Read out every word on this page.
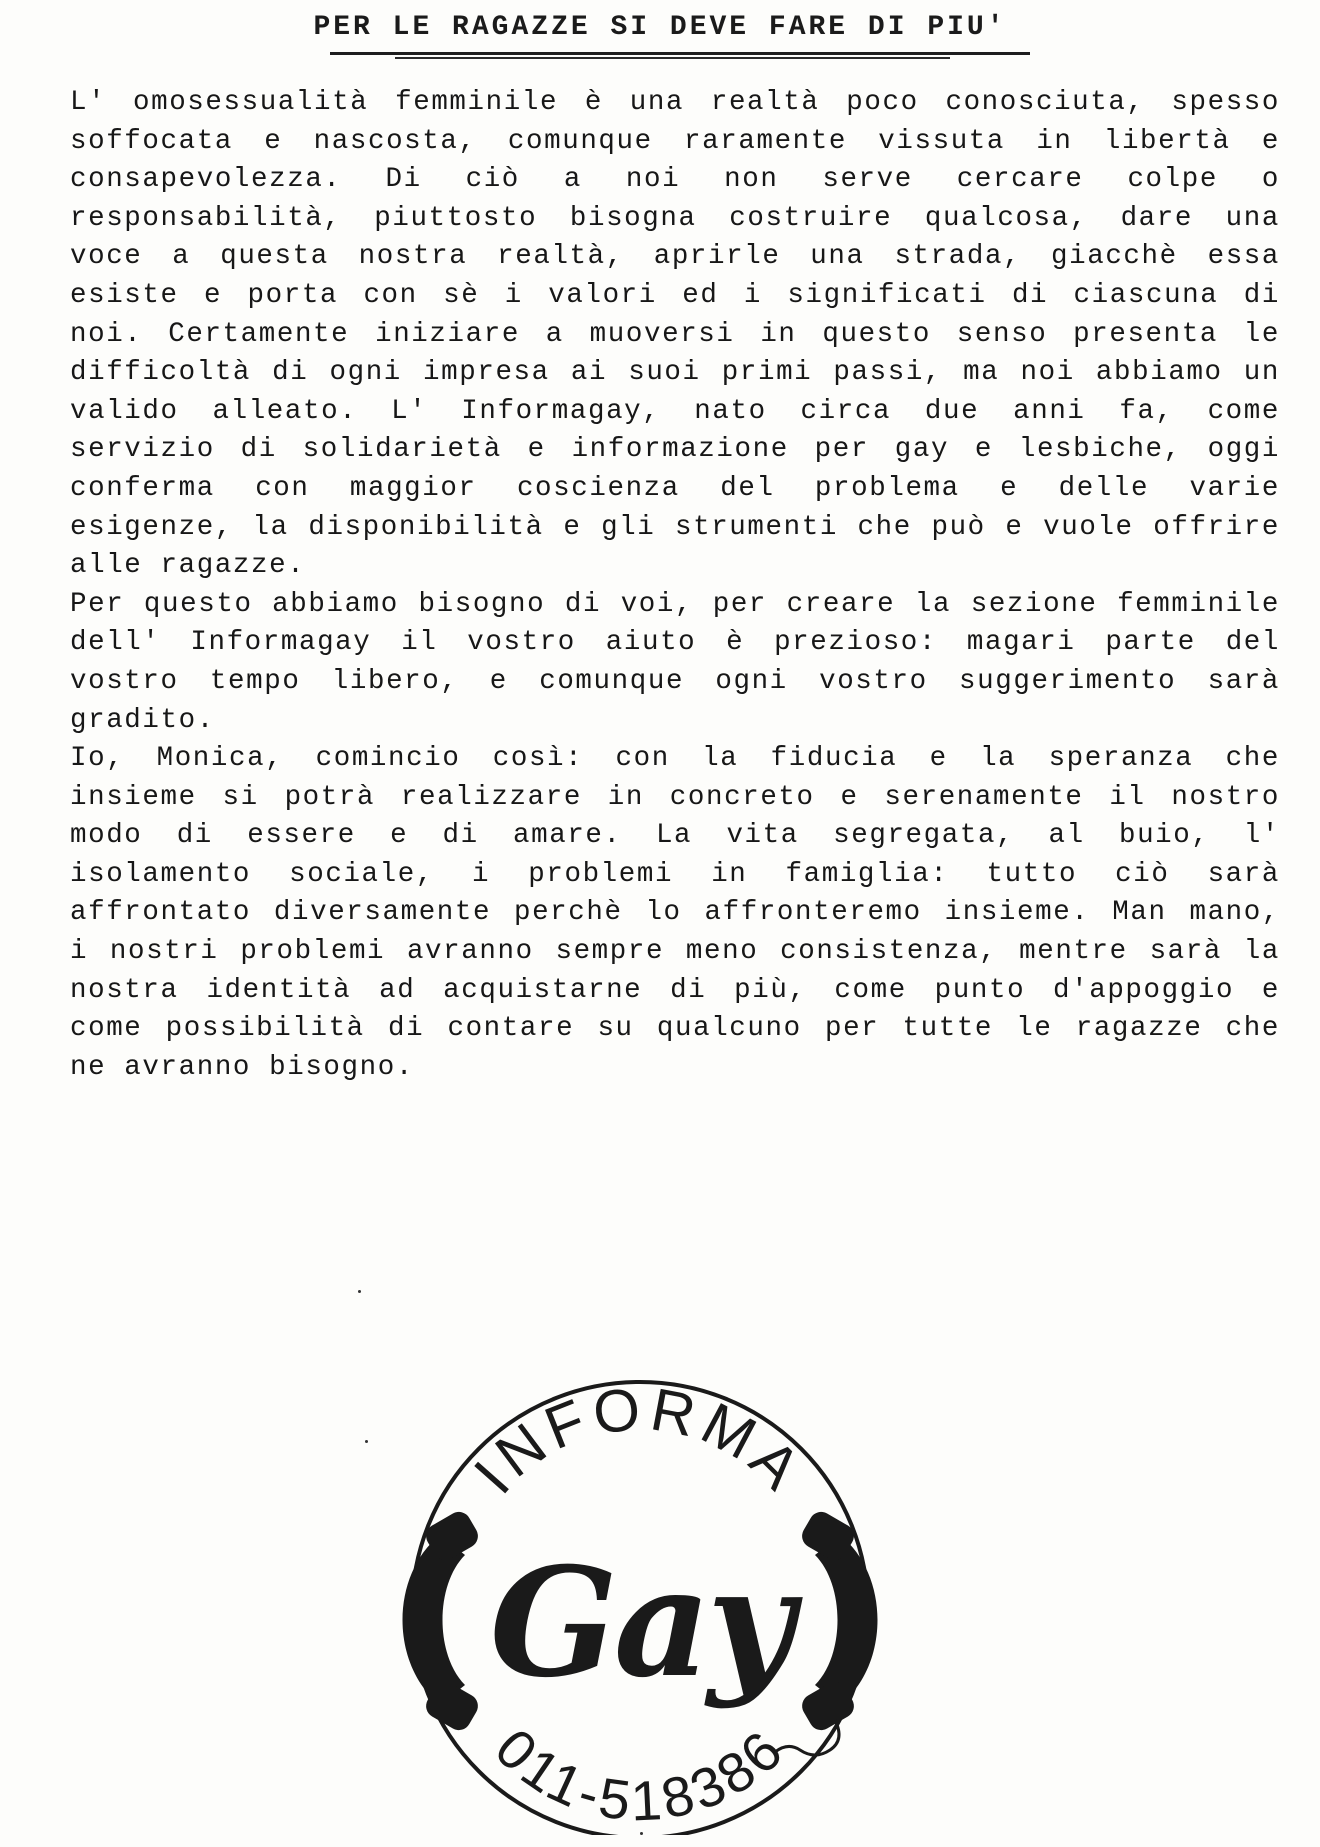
PER LE RAGAZZE SI DEVE FARE DI PIU'

L' omosessualità femminile è una realtà poco conosciuta, spesso soffocata e nascosta, comunque raramente vissuta in libertà e consapevolezza. Di ciò a noi non serve cercare colpe o responsabilità, piuttosto bisogna costruire qualcosa, dare una voce a questa nostra realtà, aprirle una strada, giacchè essa esiste e porta con sè i valori ed i significati di ciascuna di noi. Certamente iniziare a muoversi in questo senso presenta le difficoltà di ogni impresa ai suoi primi passi, ma noi abbiamo un valido alleato. L' Informagay, nato circa due anni fa, come servizio di solidarietà e informazione per gay e lesbiche, oggi conferma con maggior coscienza del problema e delle varie esigenze, la disponibilità e gli strumenti che può e vuole offrire alle ragazze.

Per questo abbiamo bisogno di voi, per creare la sezione femminile dell' Informagay il vostro aiuto è prezioso: magari parte del vostro tempo libero, e comunque ogni vostro suggerimento sarà gradito.

Io, Monica, comincio così: con la fiducia e la speranza che insieme si potrà realizzare in concreto e serenamente il nostro modo di essere e di amare. La vita segregata, al buio, l' isolamento sociale, i problemi in famiglia: tutto ciò sarà affrontato diversamente perchè lo affronteremo insieme. Man mano, i nostri problemi avranno sempre meno consistenza, mentre sarà la nostra identità ad acquistarne di più, come punto d'appoggio e come possibilità di contare su qualcuno per tutte le ragazze che ne avranno bisogno.

INFORMA
Gay
011-518386
